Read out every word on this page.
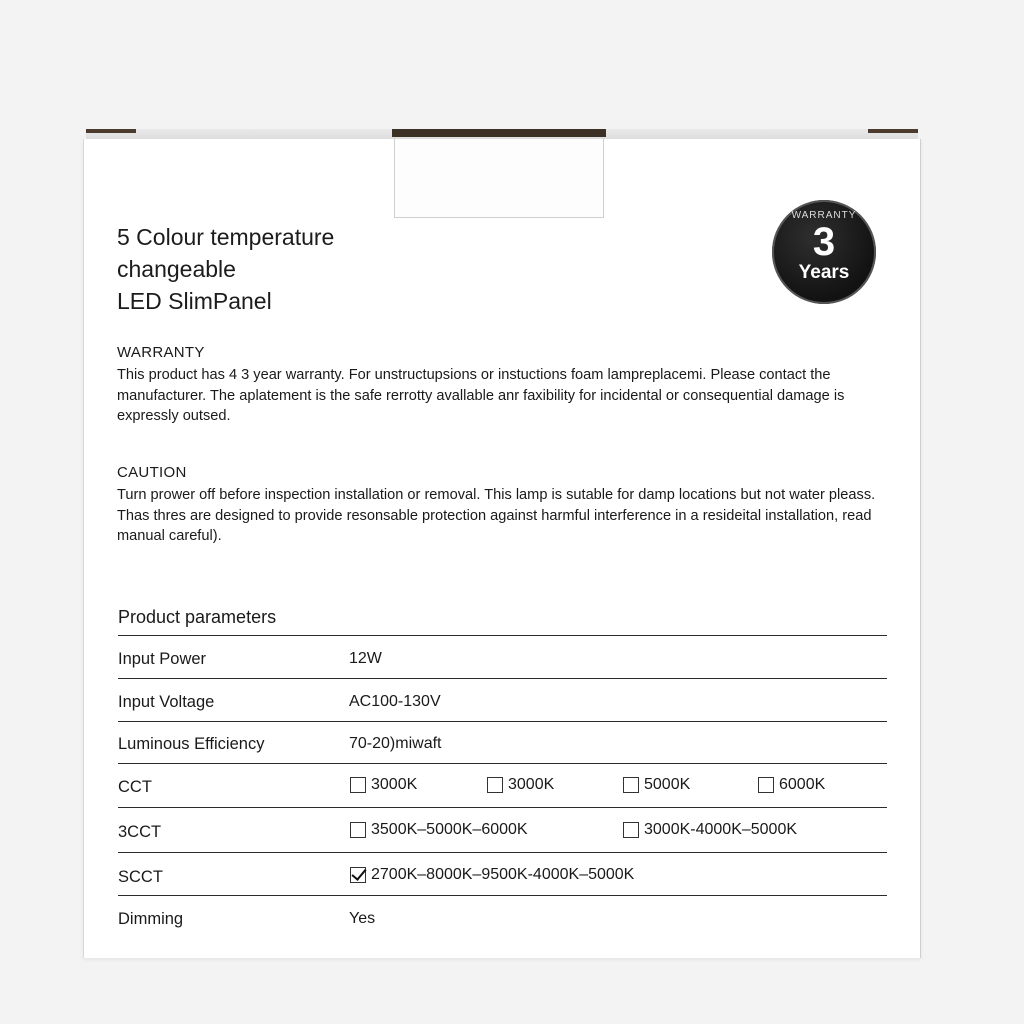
5 Colour temperature
changeable
LED SlimPanel
WARRANTY
3
Years
WARRANTY
This product has 4 3 year warranty. For unstructupsions or instuctions foam lampreplacemi. Please contact the manufacturer. The aplatement is the safe rerrotty avallable anr faxibility for incidental or consequential damage is expressly outsed.
CAUTION
Turn prower off before inspection installation or removal. This lamp is sutable for damp locations but not water pleass. Thas thres are designed to provide resonsable protection against harmful interference in a resideital installation, read manual careful).
Product parameters
Input Power	12W
Input Voltage	AC100-130V
Luminous Efficiency	70-20)miwaft
CCT	3000K	3000K	5000K	6000K
3CCT	3500K–5000K–6000K	3000K-4000K–5000K
SCCT	2700K–8000K–9500K-4000K–5000K
Dimming	Yes
